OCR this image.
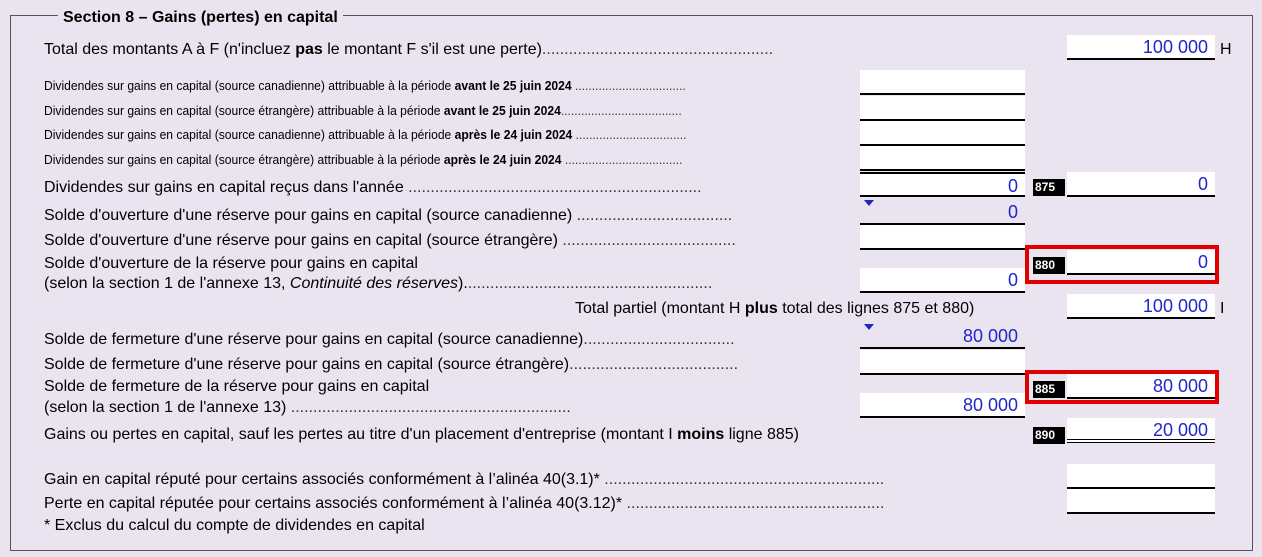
Section 8 – Gains (pertes) en capital
Total des montants A à F (n'incluez pas le montant F s'il est une perte)....................................................	100 000 H
Dividendes sur gains en capital (source canadienne) attribuable à la période avant le 25 juin 2024 .................................
Dividendes sur gains en capital (source étrangère) attribuable à la période avant le 25 juin 2024....................................
Dividendes sur gains en capital (source canadienne) attribuable à la période après le 24 juin 2024 .................................
Dividendes sur gains en capital (source étrangère) attribuable à la période après le 24 juin 2024 ...................................
Dividendes sur gains en capital reçus dans l'année ..................................................................	0	875	0
Solde d'ouverture d'une réserve pour gains en capital (source canadienne) ...................................	0
Solde d'ouverture d'une réserve pour gains en capital (source étrangère) .......................................
Solde d'ouverture de la réserve pour gains en capital
(selon la section 1 de l'annexe 13, Continuité des réserves)........................................................	0
880	0
Total partiel (montant H plus total des lignes 875 et 880)	100 000 I
Solde de fermeture d'une réserve pour gains en capital (source canadienne)..................................	80 000
Solde de fermeture d'une réserve pour gains en capital (source étrangère)......................................
Solde de fermeture de la réserve pour gains en capital
(selon la section 1 de l'annexe 13) ...............................................................	80 000
885	80 000
Gains ou pertes en capital, sauf les pertes au titre d'un placement d'entreprise (montant I moins ligne 885)	890	20 000
Gain en capital réputé pour certains associés conformément à l’alinéa 40(3.1)* ...............................................................
Perte en capital réputée pour certains associés conformément à l’alinéa 40(3.12)* ..........................................................
* Exclus du calcul du compte de dividendes en capital
